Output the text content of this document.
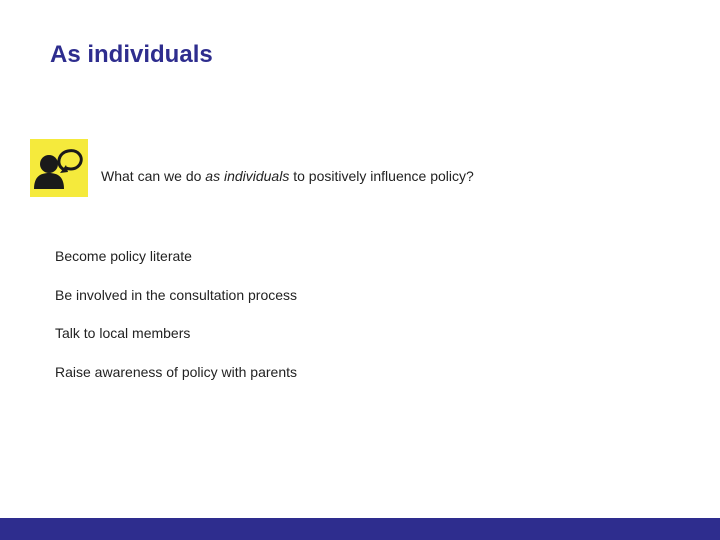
As individuals

What can we do as individuals to positively influence policy?

Become policy literate
Be involved in the consultation process
Talk to local members
Raise awareness of policy with parents
